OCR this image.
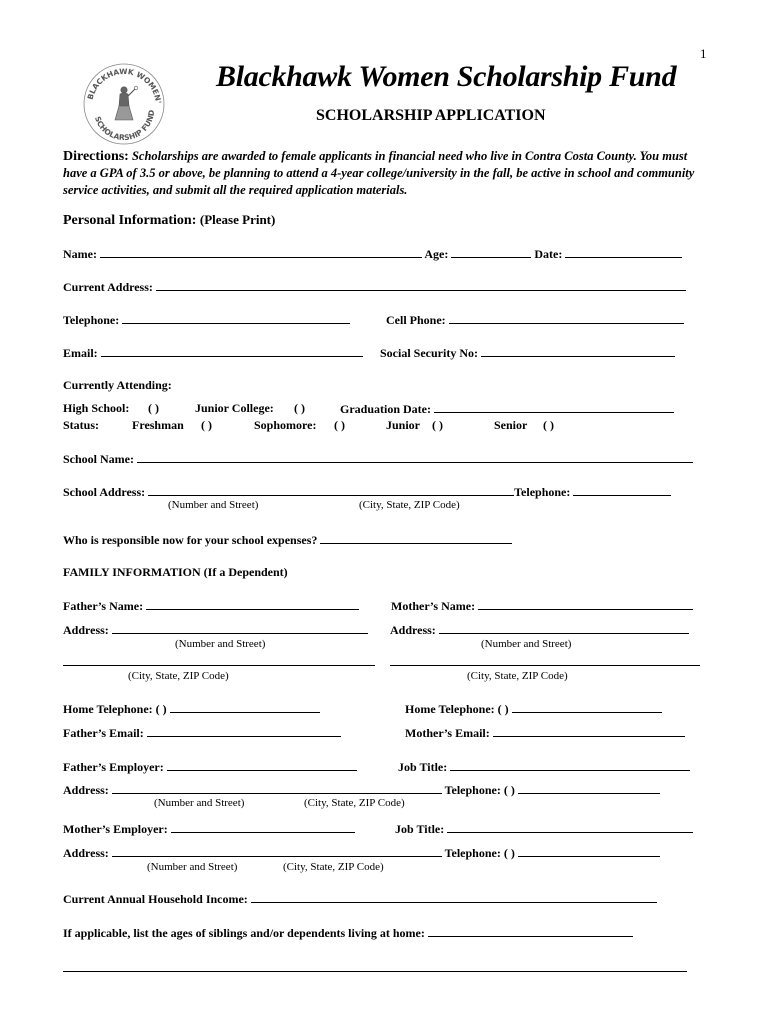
1
BLACKHAWK WOMEN'
SCHOLARSHIP FUND
Blackhawk Women Scholarship Fund
SCHOLARSHIP APPLICATION
Directions: Scholarships are awarded to female applicants in financial need who live in Contra Costa County. You must have a GPA of 3.5 or above, be planning to attend a 4-year college/university in the fall, be active in school and community service activities, and submit all the required application materials.
Personal Information: (Please Print)
Name:	Age:	Date:
Current Address:
Telephone:	Cell Phone:
Email:	Social Security No:
Currently Attending:
High School: ( )	Junior College: ( )	Graduation Date:
Status:	Freshman ( )	Sophomore: ( )	Junior ( )	Senior ( )
School Name:
School Address:	Telephone:
(Number and Street)	(City, State, ZIP Code)
Who is responsible now for your school expenses?
FAMILY INFORMATION (If a Dependent)
Father’s Name:	Mother’s Name:
Address:	Address:
(Number and Street)	(Number and Street)
(City, State, ZIP Code)	(City, State, ZIP Code)
Home Telephone: ( )	Home Telephone: ( )
Father’s Email:	Mother’s Email:
Father’s Employer:	Job Title:
Address:	Telephone: ( )
(Number and Street)	(City, State, ZIP Code)
Mother’s Employer:	Job Title:
Address:	Telephone: ( )
(Number and Street)	(City, State, ZIP Code)
Current Annual Household Income:
If applicable, list the ages of siblings and/or dependents living at home:
